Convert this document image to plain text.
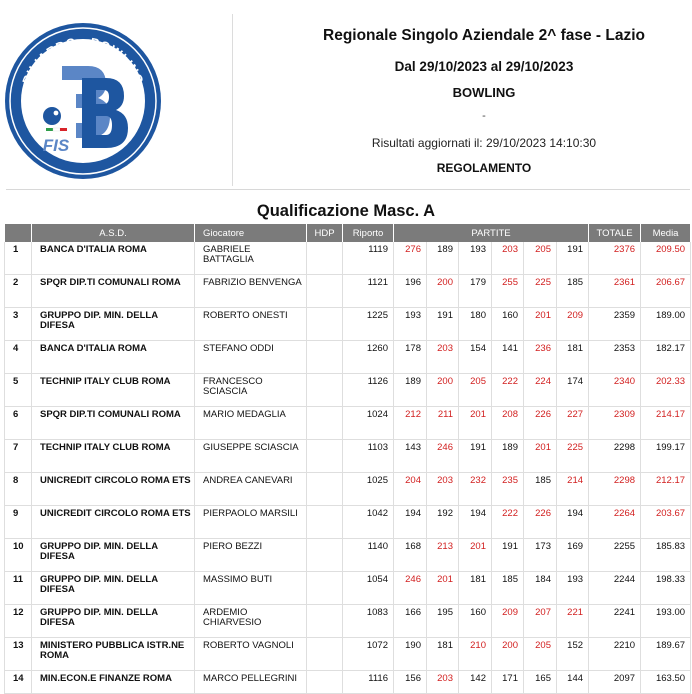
BILIARDO · BOWLING
FIS
Regionale Singolo Aziendale 2^ fase - Lazio
Dal 29/10/2023 al 29/10/2023
BOWLING
-
Risultati aggiornati il: 29/10/2023 14:10:30
REGOLAMENTO
Qualificazione Masc. A
	A.S.D.	Giocatore	HDP	Riporto	PARTITE						TOTALE	Media
1	BANCA D'ITALIA ROMA	GABRIELE BATTAGLIA		1119	276	189	193	203	205	191	2376	209.50
2	SPQR DIP.TI COMUNALI ROMA	FABRIZIO BENVENGA		1121	196	200	179	255	225	185	2361	206.67
3	GRUPPO DIP. MIN. DELLA DIFESA	ROBERTO ONESTI		1225	193	191	180	160	201	209	2359	189.00
4	BANCA D'ITALIA ROMA	STEFANO ODDI		1260	178	203	154	141	236	181	2353	182.17
5	TECHNIP ITALY CLUB ROMA	FRANCESCO SCIASCIA		1126	189	200	205	222	224	174	2340	202.33
6	SPQR DIP.TI COMUNALI ROMA	MARIO MEDAGLIA		1024	212	211	201	208	226	227	2309	214.17
7	TECHNIP ITALY CLUB ROMA	GIUSEPPE SCIASCIA		1103	143	246	191	189	201	225	2298	199.17
8	UNICREDIT CIRCOLO ROMA ETS	ANDREA CANEVARI		1025	204	203	232	235	185	214	2298	212.17
9	UNICREDIT CIRCOLO ROMA ETS	PIERPAOLO MARSILI		1042	194	192	194	222	226	194	2264	203.67
10	GRUPPO DIP. MIN. DELLA DIFESA	PIERO BEZZI		1140	168	213	201	191	173	169	2255	185.83
11	GRUPPO DIP. MIN. DELLA DIFESA	MASSIMO BUTI		1054	246	201	181	185	184	193	2244	198.33
12	GRUPPO DIP. MIN. DELLA DIFESA	ARDEMIO CHIARVESIO		1083	166	195	160	209	207	221	2241	193.00
13	MINISTERO PUBBLICA ISTR.NE ROMA	ROBERTO VAGNOLI		1072	190	181	210	200	205	152	2210	189.67
14	MIN.ECON.E FINANZE ROMA	MARCO PELLEGRINI		1116	156	203	142	171	165	144	2097	163.50
